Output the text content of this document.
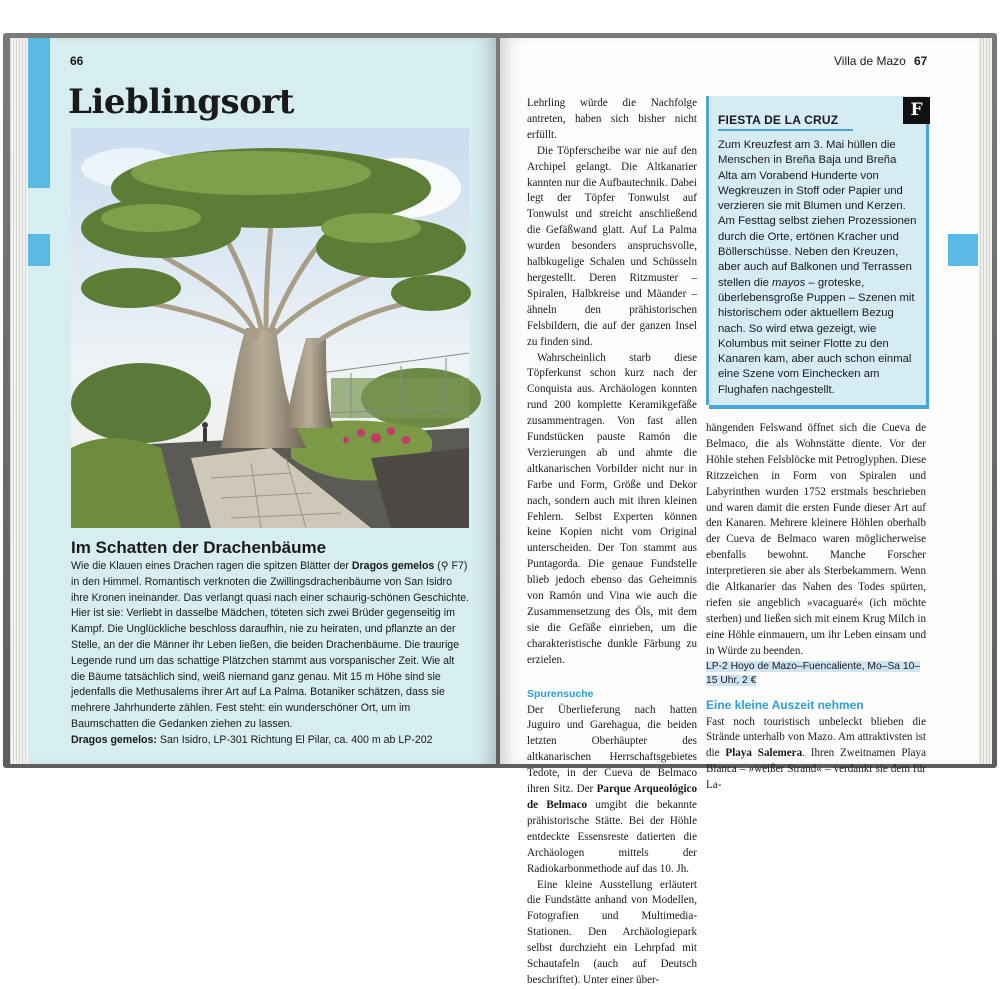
66
Lieblingsort
Im Schatten der Drachenbäume

Wie die Klauen eines Drachen ragen die spitzen Blätter der Dragos gemelos (⚲ F7) in den Himmel. Romantisch verknoten die Zwillingsdrachenbäume von San Isidro ihre Kronen ineinander. Das verlangt quasi nach einer schaurig-schönen Geschichte. Hier ist sie: Verliebt in dasselbe Mädchen, töteten sich zwei Brüder gegenseitig im Kampf. Die Unglückliche beschloss daraufhin, nie zu heiraten, und pflanzte an der Stelle, an der die Männer ihr Leben ließen, die beiden Drachenbäume. Die traurige Legende rund um das schattige Plätzchen stammt aus vorspanischer Zeit. Wie alt die Bäume tatsächlich sind, weiß niemand ganz genau. Mit 15 m Höhe sind sie jedenfalls die Methusalems ihrer Art auf La Palma. Botaniker schätzen, dass sie mehrere Jahrhunderte zählen. Fest steht: ein wunderschöner Ort, um im Baumschatten die Gedanken ziehen zu lassen.
Dragos gemelos: San Isidro, LP-301 Richtung El Pilar, ca. 400 m ab LP-202

Villa de Mazo 67

Lehrling würde die Nachfolge antreten, haben sich bisher nicht erfüllt.

Die Töpferscheibe war nie auf den Archipel gelangt. Die Altkanarier kannten nur die Aufbautechnik. Dabei legt der Töpfer Tonwulst auf Tonwulst und streicht anschließend die Gefäßwand glatt. Auf La Palma wurden besonders anspruchsvolle, halbkugelige Schalen und Schüsseln hergestellt. Deren Ritzmuster – Spiralen, Halbkreise und Mäander – ähneln den prähistorischen Felsbildern, die auf der ganzen Insel zu finden sind.

Wahrscheinlich starb diese Töpferkunst schon kurz nach der Conquista aus. Archäologen konnten rund 200 komplette Keramikgefäße zusammentragen. Von fast allen Fundstücken pauste Ramón die Verzierungen ab und ahmte die altkanarischen Vorbilder nicht nur in Farbe und Form, Größe und Dekor nach, sondern auch mit ihren kleinen Fehlern. Selbst Experten können keine Kopien nicht vom Original unterscheiden. Der Ton stammt aus Puntagorda. Die genaue Fundstelle blieb jedoch ebenso das Geheimnis von Ramón und Vina wie auch die Zusammensetzung des Öls, mit dem sie die Gefäße einrieben, um die charakteristische dunkle Färbung zu erzielen.

Spurensuche

Der Überlieferung nach hatten Juguiro und Garehagua, die beiden letzten Oberhäupter des altkanarischen Herrschaftsgebietes Tedote, in der Cueva de Belmaco ihren Sitz. Der Parque Arqueológico de Belmaco umgibt die bekannte prähistorische Stätte. Bei der Höhle entdeckte Essensreste datierten die Archäologen mittels der Radiokarbonmethode auf das 10. Jh.

Eine kleine Ausstellung erläutert die Fundstätte anhand von Modellen, Fotografien und Multimedia-Stationen. Den Archäologiepark selbst durchzieht ein Lehrpfad mit Schautafeln (auch auf Deutsch beschriftet). Unter einer über-

FIESTA DE LA CRUZ

Zum Kreuzfest am 3. Mai hüllen die Menschen in Breña Baja und Breña Alta am Vorabend Hunderte von Wegkreuzen in Stoff oder Papier und verzieren sie mit Blumen und Kerzen. Am Festtag selbst ziehen Prozessionen durch die Orte, ertönen Kracher und Böllerschüsse. Neben den Kreuzen, aber auch auf Balkonen und Terrassen stellen die mayos – groteske, überlebensgroße Puppen – Szenen mit historischem oder aktuellem Bezug nach. So wird etwa gezeigt, wie Kolumbus mit seiner Flotte zu den Kanaren kam, aber auch schon einmal eine Szene vom Einchecken am Flughafen nachgestellt.

F

hängenden Felswand öffnet sich die Cueva de Belmaco, die als Wohnstätte diente. Vor der Höhle stehen Felsblöcke mit Petroglyphen. Diese Ritzzeichen in Form von Spiralen und Labyrinthen wurden 1752 erstmals beschrieben und waren damit die ersten Funde dieser Art auf den Kanaren. Mehrere kleinere Höhlen oberhalb der Cueva de Belmaco waren möglicherweise ebenfalls bewohnt. Manche Forscher interpretieren sie aber als Sterbekammern. Wenn die Altkanarier das Nahen des Todes spürten, riefen sie angeblich »vacaguaré« (ich möchte sterben) und ließen sich mit einem Krug Milch in eine Höhle einmauern, um ihr Leben einsam und in Würde zu beenden.

LP-2 Hoyo de Mazo–Fuencaliente, Mo–Sa 10–15 Uhr, 2 €

Eine kleine Auszeit nehmen

Fast noch touristisch unbeleckt blieben die Strände unterhalb von Mazo. Am attraktivsten ist die Playa Salemera. Ihren Zweitnamen Playa Blanca – »weißer Strand« – verdankt sie dem für La-
